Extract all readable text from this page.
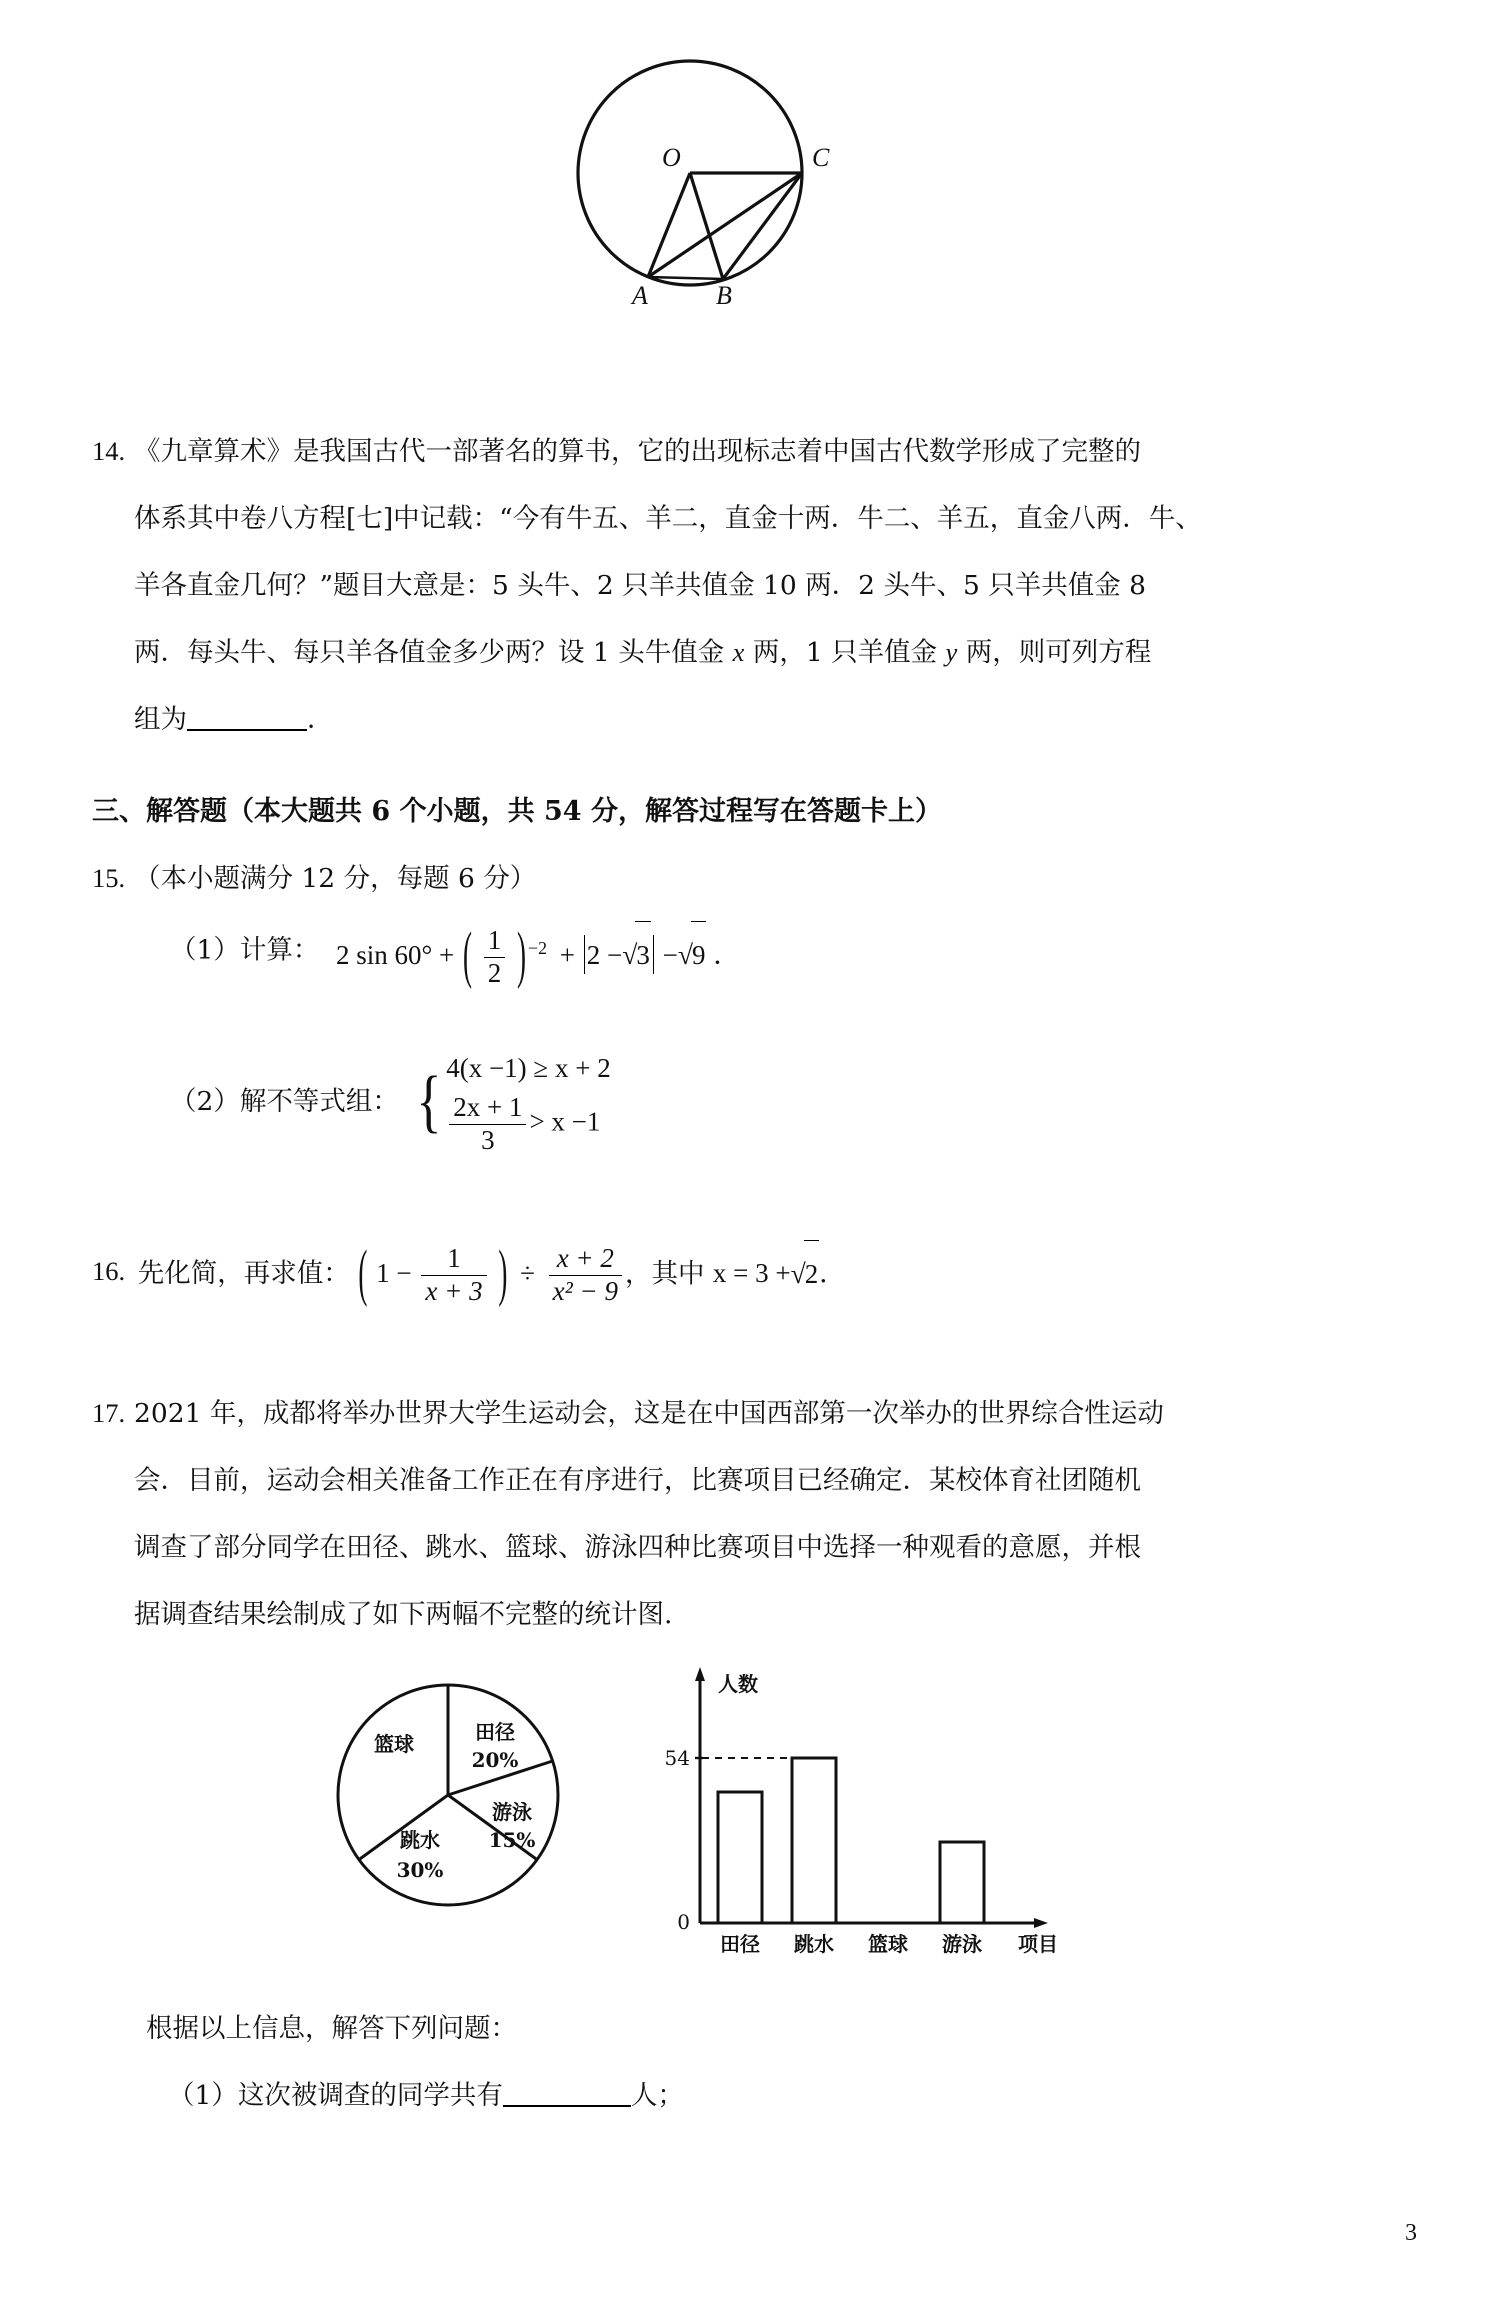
O	C
A	B
14. 《九章算术》是我国古代一部著名的算书，它的出现标志着中国古代数学形成了完整的
体系其中卷八方程[七]中记载：“今有牛五、羊二，直金十两．牛二、羊五，直金八两．牛、
羊各直金几何？”题目大意是：5 头牛、2 只羊共值金 10 两．2 头牛、5 只羊共值金 8
两．每头牛、每只羊各值金多少两？设 1 头牛值金 x 两，1 只羊值金 y 两，则可列方程
组为	．
三、解答题（本大题共 6 个小题，共 54 分，解答过程写在答题卡上）
15. （本小题满分 12 分，每题 6 分）
（1）计算： 2 sin 60° + ( $\frac{1}{2}$ ) $^{-2}$ + 2 −√3 −√9 ．
（2）解不等式组： { 4(x −1) ≥ x + 2
$\frac{2x + 1}{3} > x -1$
16. 先化简，再求值： ( $1 - \frac{1}{x + 3}$ ) ÷ $\frac{x + 2}{\text{x² − 9}}$ ，其中 x = 3 +√2．
17. 2021 年，成都将举办世界大学生运动会，这是在中国西部第一次举办的世界综合性运动
会．目前，运动会相关准备工作正在有序进行，比赛项目已经确定．某校体育社团随机
调查了部分同学在田径、跳水、篮球、游泳四种比赛项目中选择一种观看的意愿，并根
据调查结果绘制成了如下两幅不完整的统计图.
篮球	田径
20%
游泳
15%
跳水
30%
人数
54
0
田径 跳水 篮球 游泳 项目
根据以上信息，解答下列问题：
（1）这次被调查的同学共有	人；
3
